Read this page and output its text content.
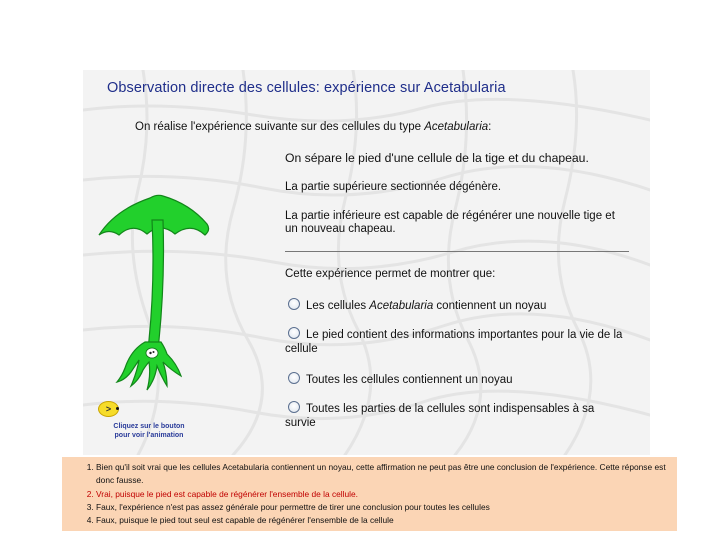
Observation directe des cellules: expérience sur Acetabularia
On réalise l'expérience suivante sur des cellules du type Acetabularia:
On sépare le pied d'une cellule de la tige et du chapeau.
La partie supérieure sectionnée dégénère.
La partie inférieure est capable de régénérer une nouvelle tige et un nouveau chapeau.
Cette expérience permet de montrer que:
Les cellules Acetabularia contiennent un noyau
Le pied contient des informations importantes pour la vie de la cellule
Toutes les cellules contiennent un noyau
Toutes les parties de la cellules sont indispensables à sa survie
>
Cliquez sur le bouton
pour voir l'animation
1. Bien qu'il soit vrai que les cellules Acetabularia contiennent un noyau, cette affirmation ne peut pas être une conclusion de l'expérience. Cette réponse est donc fausse.
2. Vrai, puisque le pied est capable de régénérer l'ensemble de la cellule.
3. Faux, l'expérience n'est pas assez générale pour permettre de tirer une conclusion pour toutes les cellules
4. Faux, puisque le pied tout seul est capable de régénérer l'ensemble de la cellule
